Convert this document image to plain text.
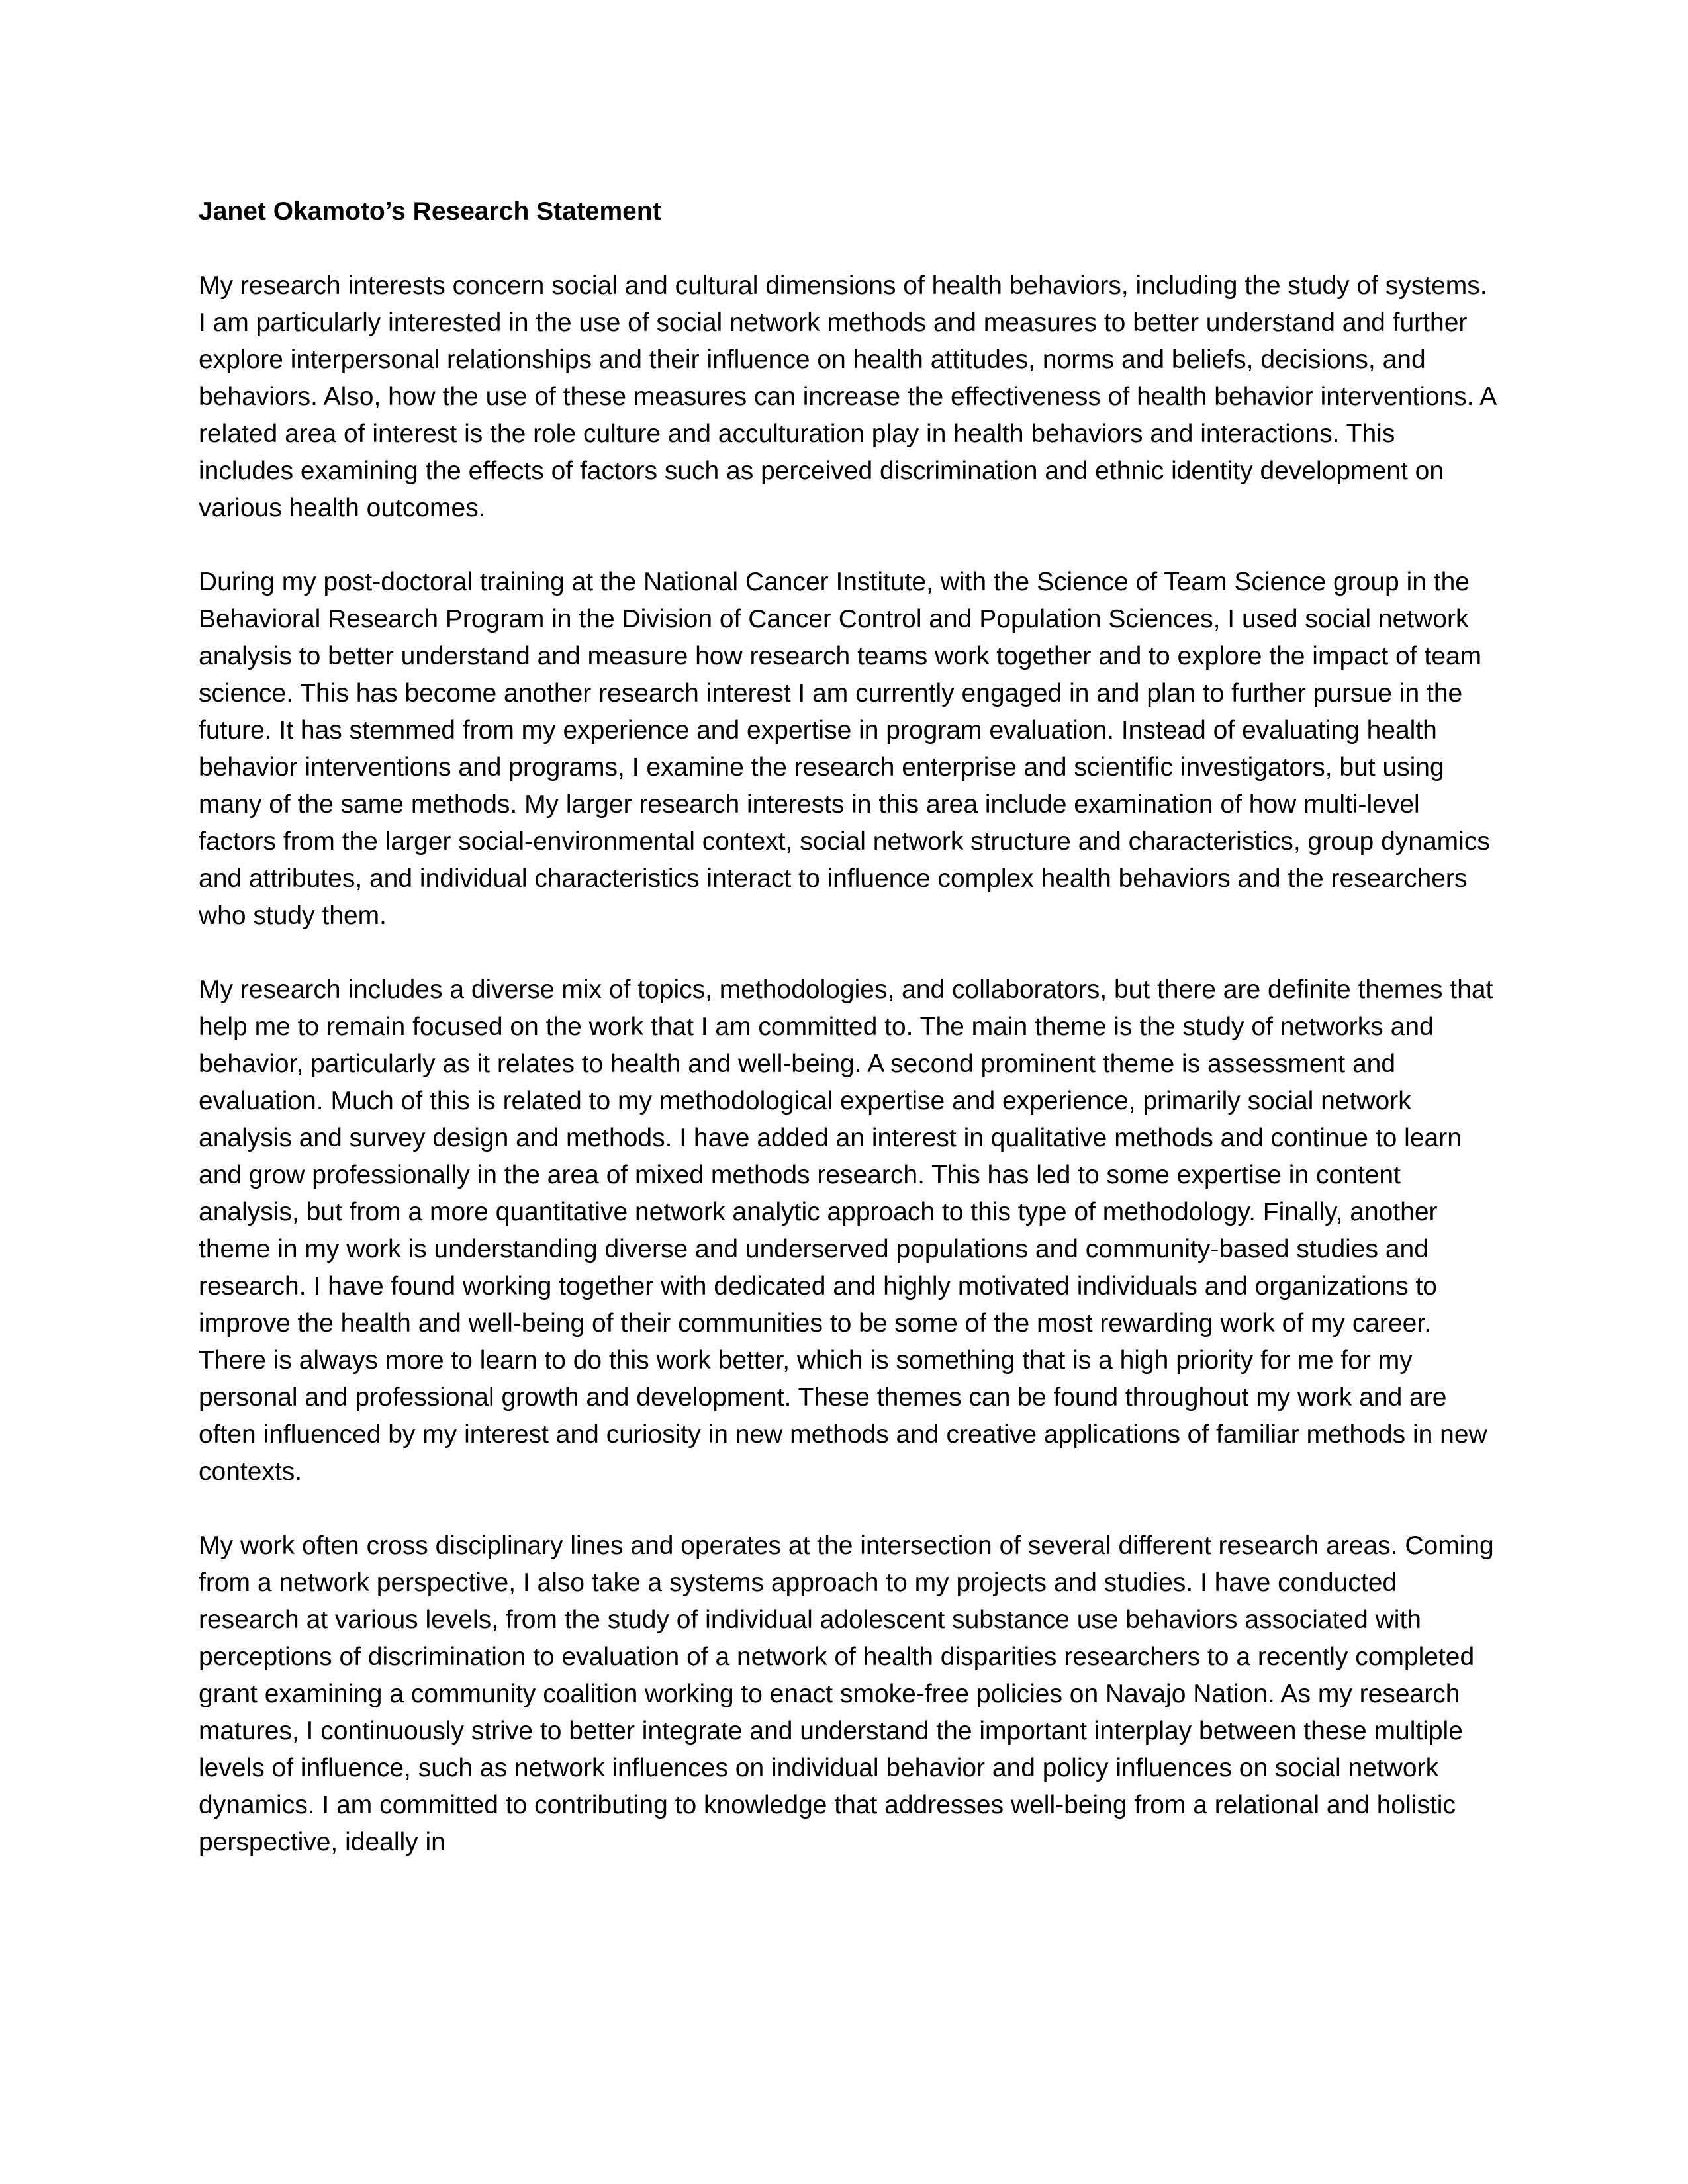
Janet Okamoto’s Research Statement

My research interests concern social and cultural dimensions of health behaviors, including the study of systems. I am particularly interested in the use of social network methods and measures to better understand and further explore interpersonal relationships and their influence on health attitudes, norms and beliefs, decisions, and behaviors. Also, how the use of these measures can increase the effectiveness of health behavior interventions. A related area of interest is the role culture and acculturation play in health behaviors and interactions. This includes examining the effects of factors such as perceived discrimination and ethnic identity development on various health outcomes.

During my post-doctoral training at the National Cancer Institute, with the Science of Team Science group in the Behavioral Research Program in the Division of Cancer Control and Population Sciences, I used social network analysis to better understand and measure how research teams work together and to explore the impact of team science. This has become another research interest I am currently engaged in and plan to further pursue in the future. It has stemmed from my experience and expertise in program evaluation. Instead of evaluating health behavior interventions and programs, I examine the research enterprise and scientific investigators, but using many of the same methods. My larger research interests in this area include examination of how multi-level factors from the larger social-environmental context, social network structure and characteristics, group dynamics and attributes, and individual characteristics interact to influence complex health behaviors and the researchers who study them.

My research includes a diverse mix of topics, methodologies, and collaborators, but there are definite themes that help me to remain focused on the work that I am committed to. The main theme is the study of networks and behavior, particularly as it relates to health and well-being. A second prominent theme is assessment and evaluation. Much of this is related to my methodological expertise and experience, primarily social network analysis and survey design and methods. I have added an interest in qualitative methods and continue to learn and grow professionally in the area of mixed methods research. This has led to some expertise in content analysis, but from a more quantitative network analytic approach to this type of methodology. Finally, another theme in my work is understanding diverse and underserved populations and community-based studies and research. I have found working together with dedicated and highly motivated individuals and organizations to improve the health and well-being of their communities to be some of the most rewarding work of my career. There is always more to learn to do this work better, which is something that is a high priority for me for my personal and professional growth and development. These themes can be found throughout my work and are often influenced by my interest and curiosity in new methods and creative applications of familiar methods in new contexts.

My work often cross disciplinary lines and operates at the intersection of several different research areas. Coming from a network perspective, I also take a systems approach to my projects and studies. I have conducted research at various levels, from the study of individual adolescent substance use behaviors associated with perceptions of discrimination to evaluation of a network of health disparities researchers to a recently completed grant examining a community coalition working to enact smoke-free policies on Navajo Nation. As my research matures, I continuously strive to better integrate and understand the important interplay between these multiple levels of influence, such as network influences on individual behavior and policy influences on social network dynamics. I am committed to contributing to knowledge that addresses well-being from a relational and holistic perspective, ideally in
